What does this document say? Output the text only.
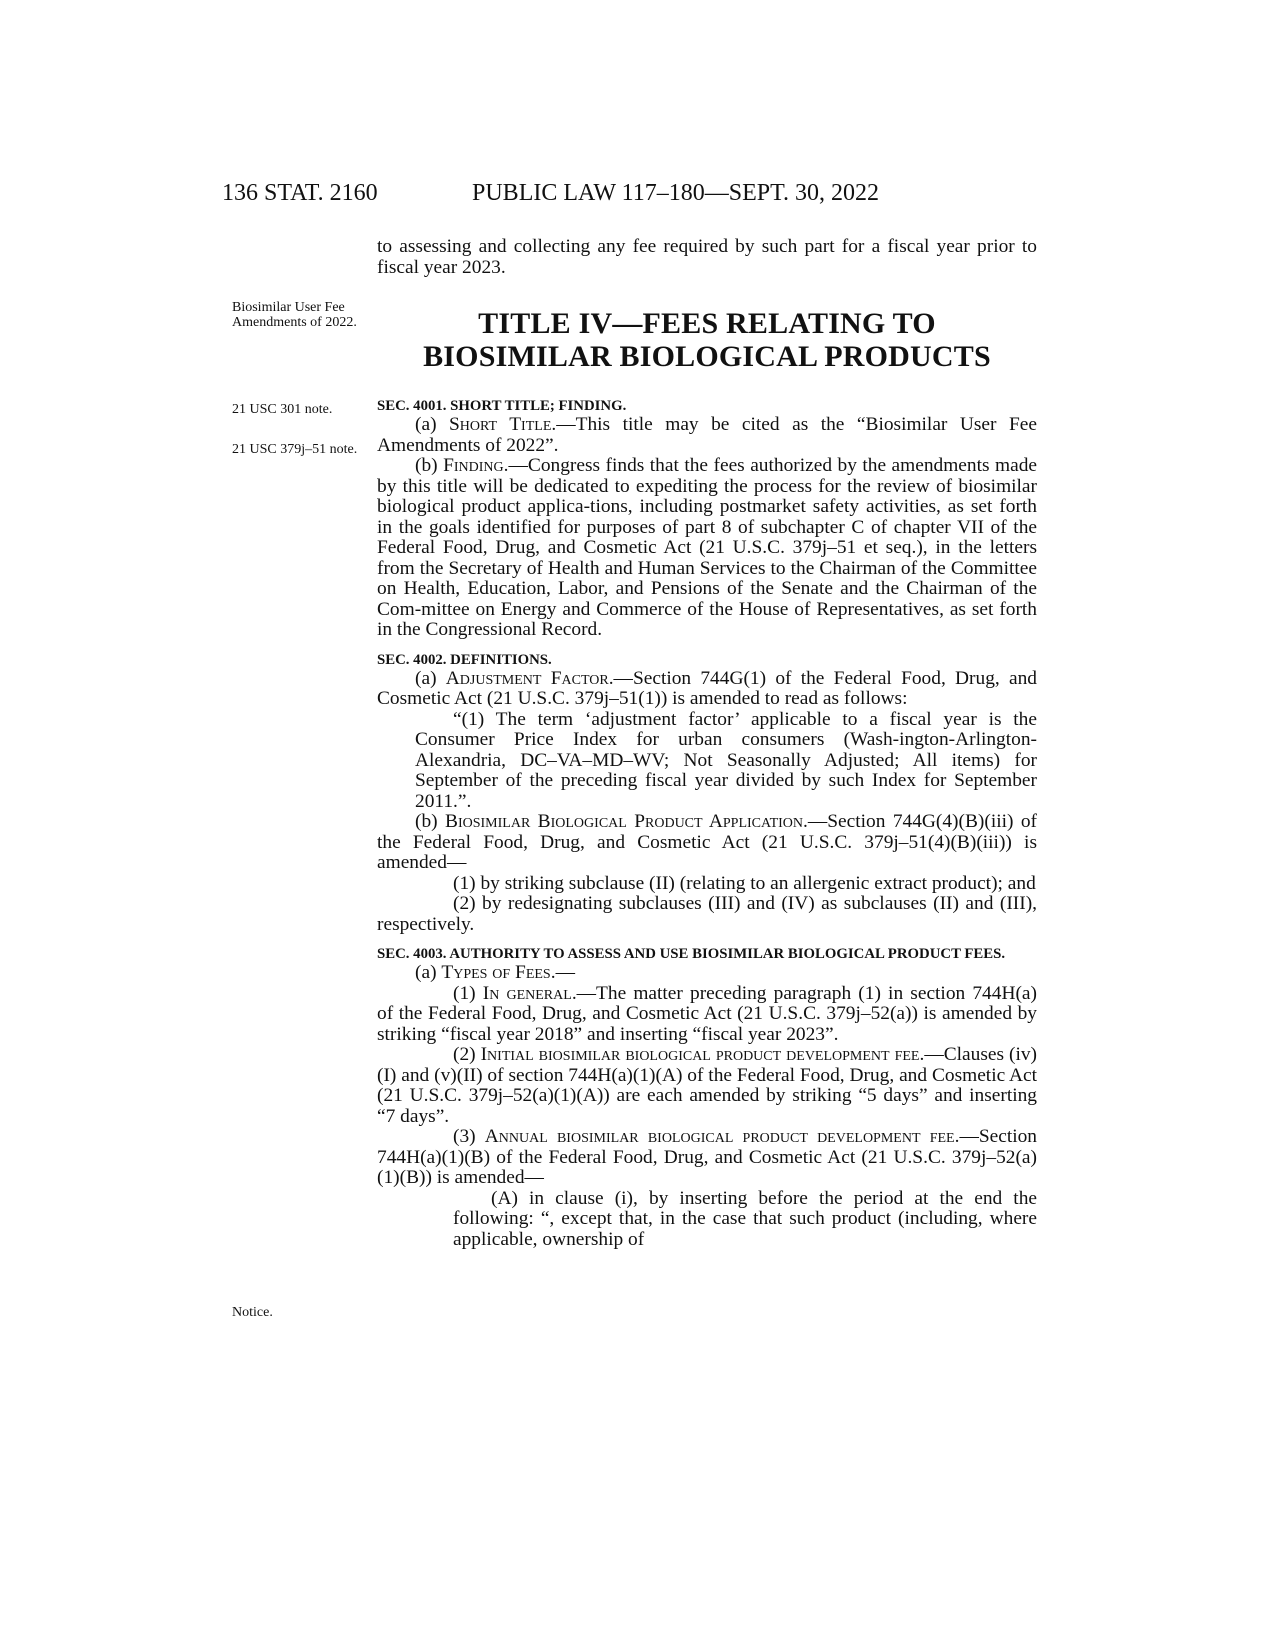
136 STAT. 2160	PUBLIC LAW 117–180—SEPT. 30, 2022
Biosimilar User Fee Amendments of 2022.
21 USC 301 note.
21 USC 379j–51 note.
Notice.

to assessing and collecting any fee required by such part for a fiscal year prior to fiscal year 2023.

TITLE IV—FEES RELATING TO
BIOSIMILAR BIOLOGICAL PRODUCTS

SEC. 4001. SHORT TITLE; FINDING.

(a) Short Title.—This title may be cited as the “Biosimilar User Fee Amendments of 2022”.

(b) Finding.—Congress finds that the fees authorized by the amendments made by this title will be dedicated to expediting the process for the review of biosimilar biological product applica-tions, including postmarket safety activities, as set forth in the goals identified for purposes of part 8 of subchapter C of chapter VII of the Federal Food, Drug, and Cosmetic Act (21 U.S.C. 379j–51 et seq.), in the letters from the Secretary of Health and Human Services to the Chairman of the Committee on Health, Education, Labor, and Pensions of the Senate and the Chairman of the Com-mittee on Energy and Commerce of the House of Representatives, as set forth in the Congressional Record.

SEC. 4002. DEFINITIONS.

(a) Adjustment Factor.—Section 744G(1) of the Federal Food, Drug, and Cosmetic Act (21 U.S.C. 379j–51(1)) is amended to read as follows:

“(1) The term ‘adjustment factor’ applicable to a fiscal year is the Consumer Price Index for urban consumers (Wash-ington-Arlington-Alexandria, DC–VA–MD–WV; Not Seasonally Adjusted; All items) for September of the preceding fiscal year divided by such Index for September 2011.”.

(b) Biosimilar Biological Product Application.—Section 744G(4)(B)(iii) of the Federal Food, Drug, and Cosmetic Act (21 U.S.C. 379j–51(4)(B)(iii)) is amended—

(1) by striking subclause (II) (relating to an allergenic extract product); and

(2) by redesignating subclauses (III) and (IV) as subclauses (II) and (III), respectively.

SEC. 4003. AUTHORITY TO ASSESS AND USE BIOSIMILAR BIOLOGICAL PRODUCT FEES.

(a) Types of Fees.—

(1) In general.—The matter preceding paragraph (1) in section 744H(a) of the Federal Food, Drug, and Cosmetic Act (21 U.S.C. 379j–52(a)) is amended by striking “fiscal year 2018” and inserting “fiscal year 2023”.

(2) Initial biosimilar biological product development fee.—Clauses (iv)(I) and (v)(II) of section 744H(a)(1)(A) of the Federal Food, Drug, and Cosmetic Act (21 U.S.C. 379j–52(a)(1)(A)) are each amended by striking “5 days” and inserting “7 days”.

(3) Annual biosimilar biological product development fee.—Section 744H(a)(1)(B) of the Federal Food, Drug, and Cosmetic Act (21 U.S.C. 379j–52(a)(1)(B)) is amended—

(A) in clause (i), by inserting before the period at the end the following: “, except that, in the case that such product (including, where applicable, ownership of
